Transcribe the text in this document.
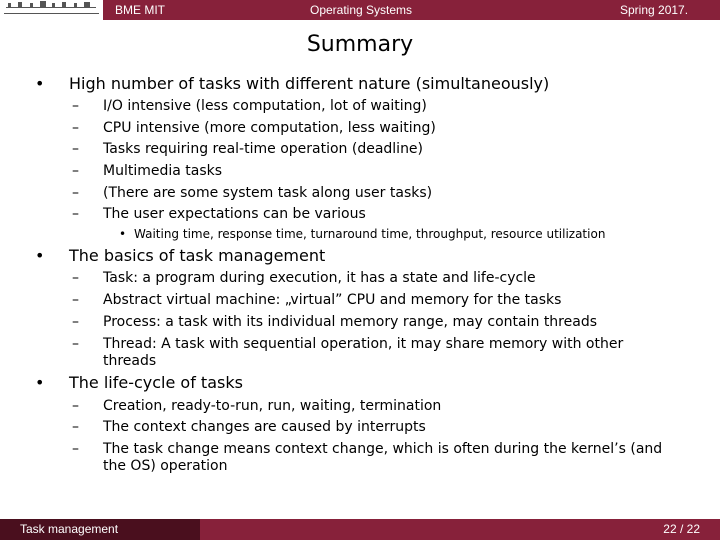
BME MIT	Operating Systems	Spring 2017.
Summary
• High number of tasks with different nature (simultaneously)
– I/O intensive (less computation, lot of waiting)
– CPU intensive (more computation, less waiting)
– Tasks requiring real-time operation (deadline)
– Multimedia tasks
– (There are some system task along user tasks)
– The user expectations can be various
• Waiting time, response time, turnaround time, throughput, resource utilization
• The basics of task management
– Task: a program during execution, it has a state and life-cycle
– Abstract virtual machine: „virtual” CPU and memory for the tasks
– Process: a task with its individual memory range, may contain threads
– Thread: A task with sequential operation, it may share memory with other
threads
• The life-cycle of tasks
– Creation, ready-to-run, run, waiting, termination
– The context changes are caused by interrupts
– The task change means context change, which is often during the kernel’s (and
the OS) operation
Task management	22 / 22
